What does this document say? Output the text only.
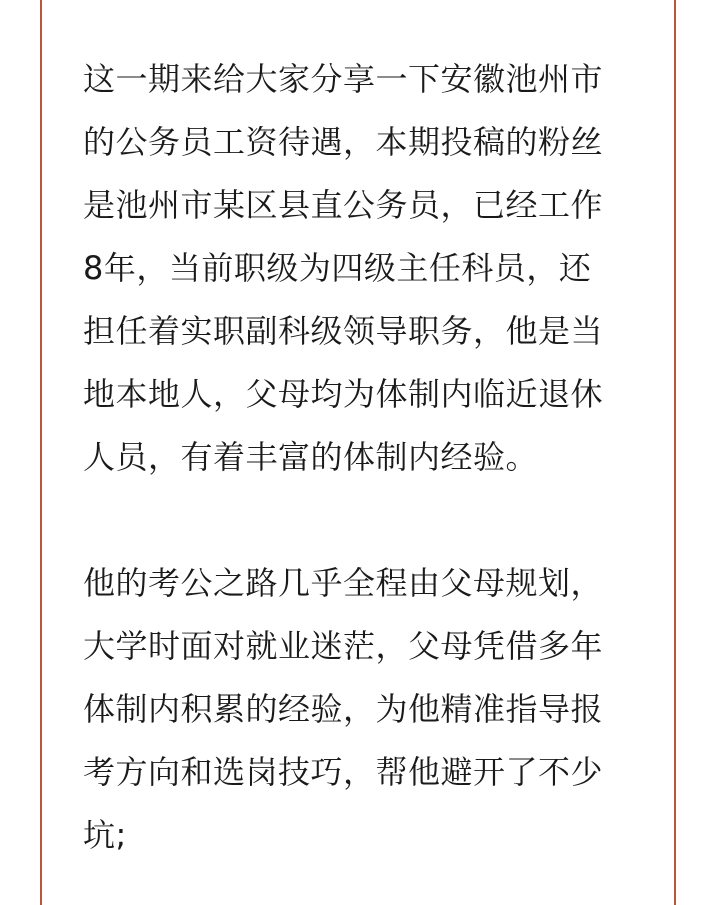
这一期来给大家分享一下安徽池州市
的公务员工资待遇，本期投稿的粉丝
是池州市某区县直公务员，已经工作
8年，当前职级为四级主任科员，还
担任着实职副科级领导职务，他是当
地本地人，父母均为体制内临近退休
人员，有着丰富的体制内经验。
他的考公之路几乎全程由父母规划，
大学时面对就业迷茫，父母凭借多年
体制内积累的经验，为他精准指导报
考方向和选岗技巧，帮他避开了不少
坑;
